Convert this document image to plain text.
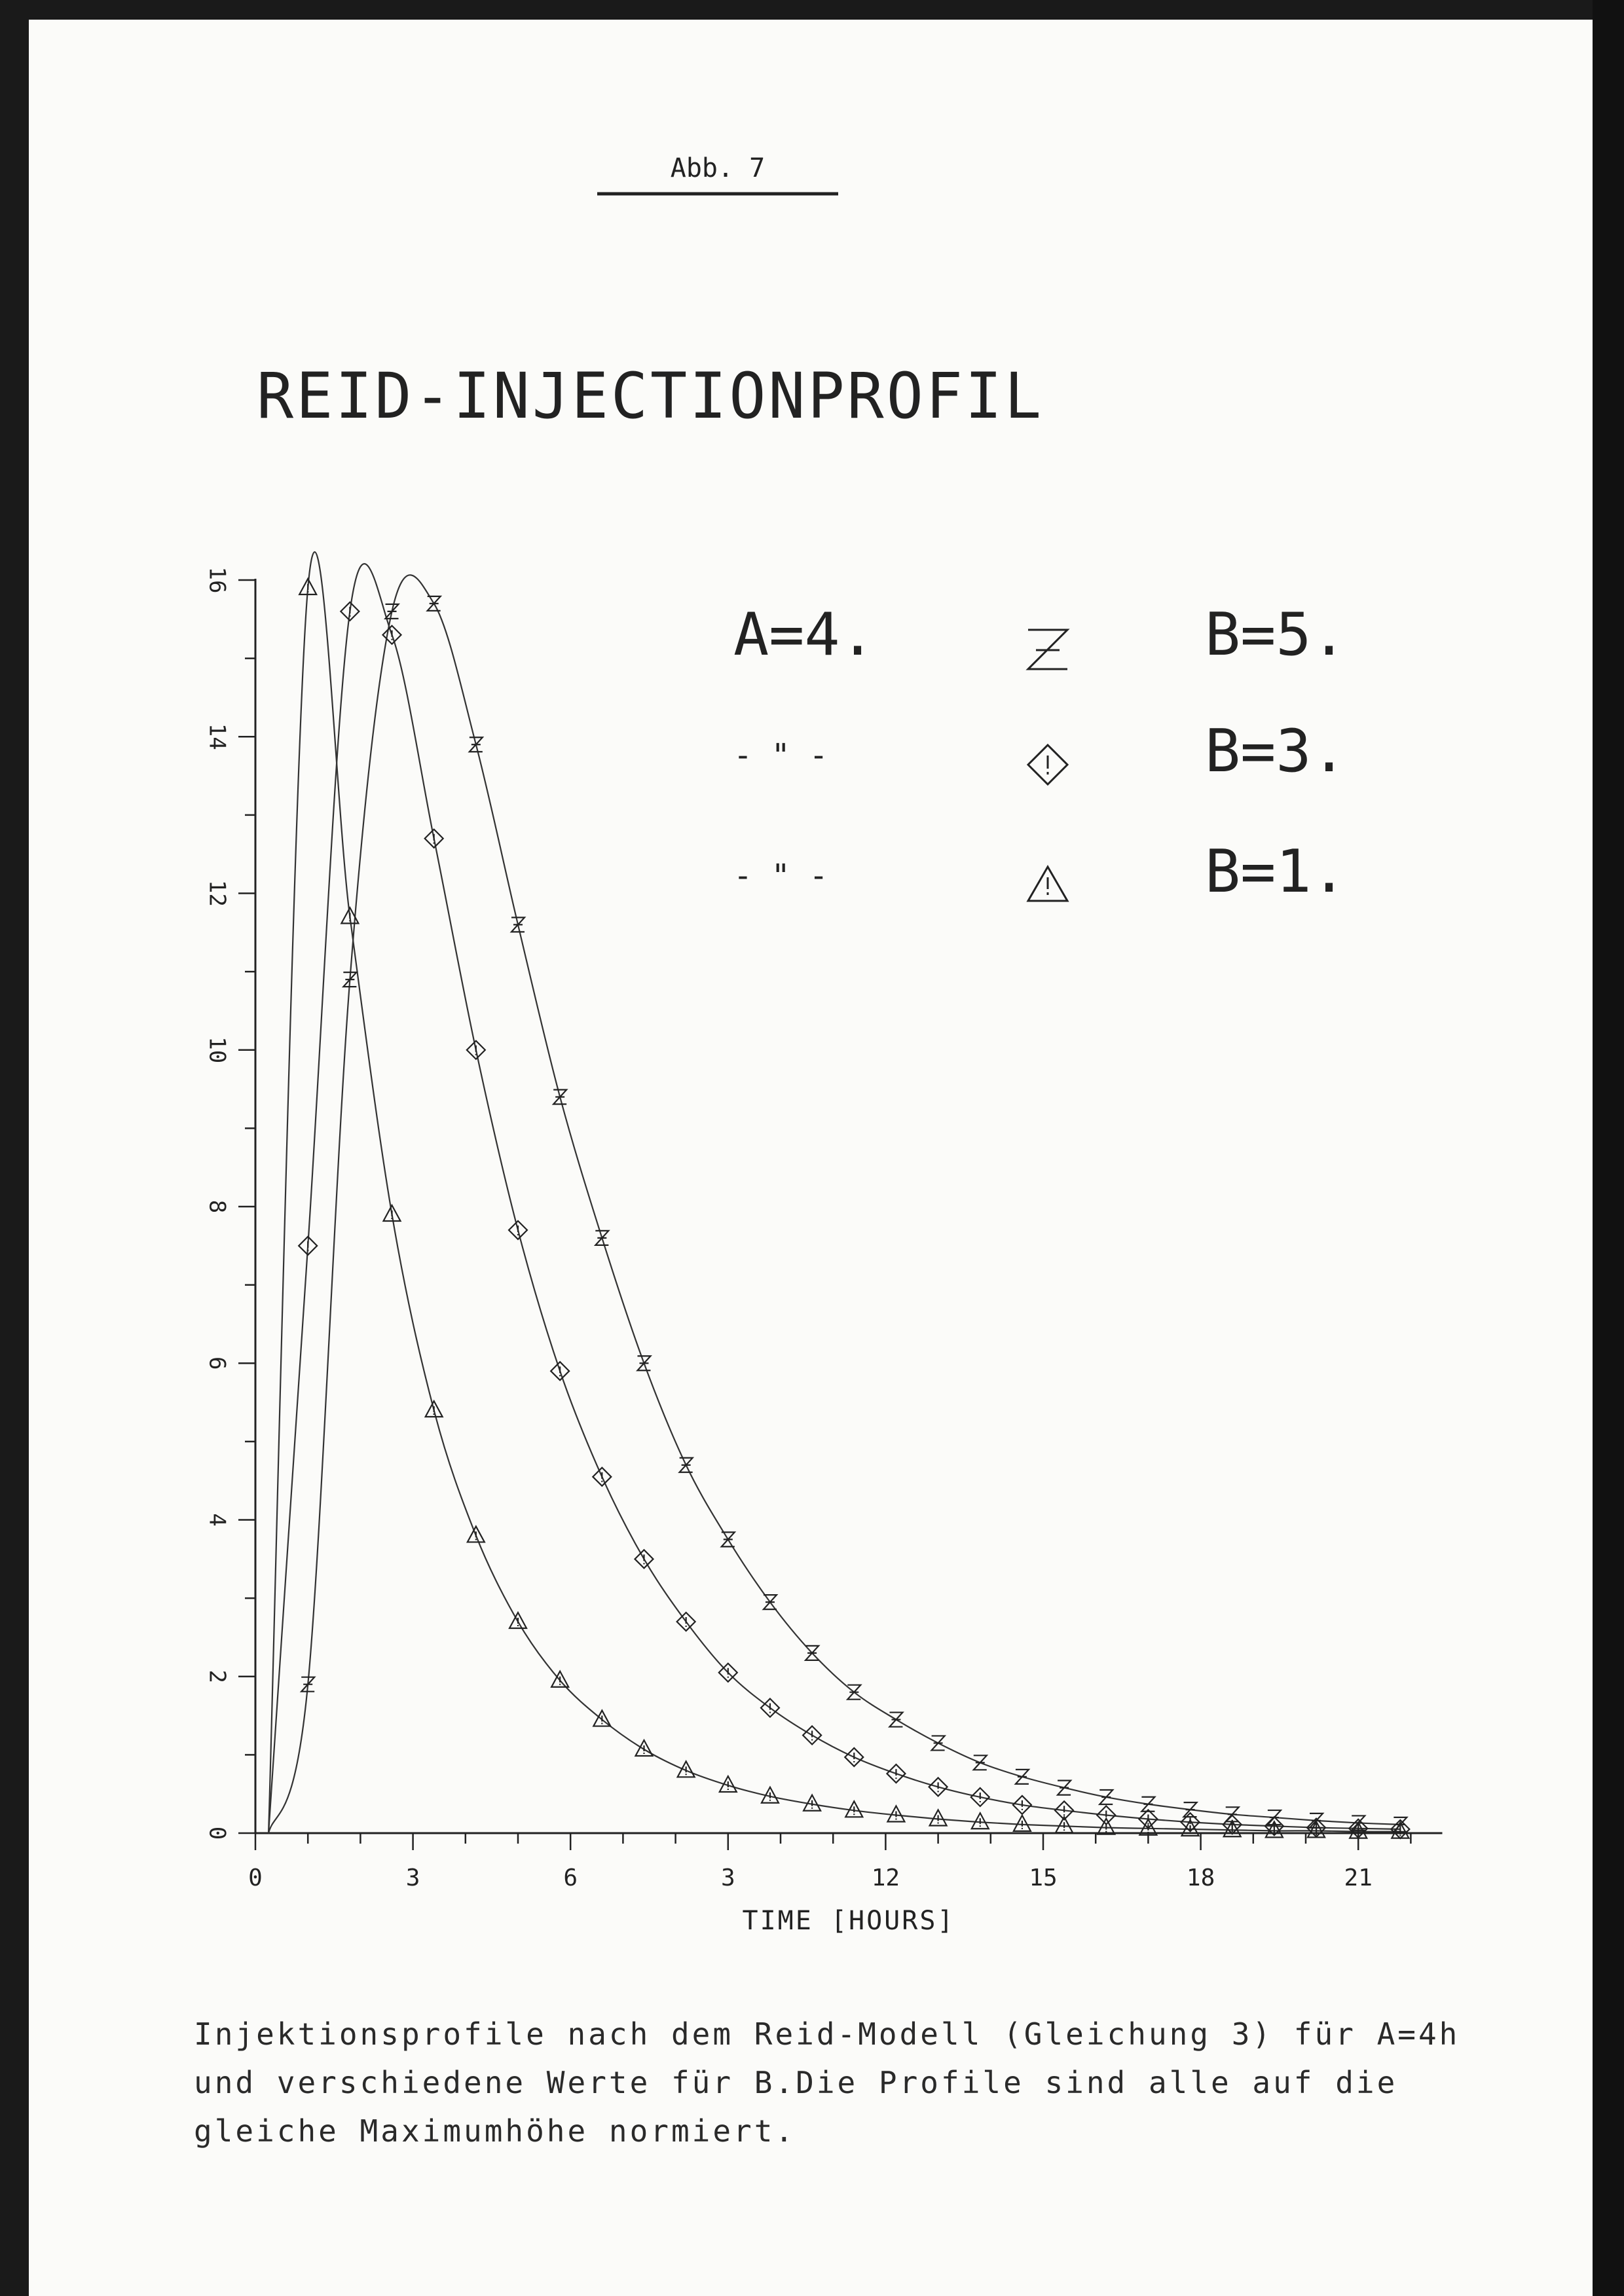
Abb. 7
REID-INJECTIONPROFIL
0	3	6	3	12	15	18	21
0
2
4
6
8
10
12
14
16
TIME [HOURS]
A=4.	B=5.
- " -	B=3.
- " -	B=1.
Injektionsprofile nach dem Reid-Modell (Gleichung 3) für A=4h
und verschiedene Werte für B.Die Profile sind alle auf die
gleiche Maximumhöhe normiert.
